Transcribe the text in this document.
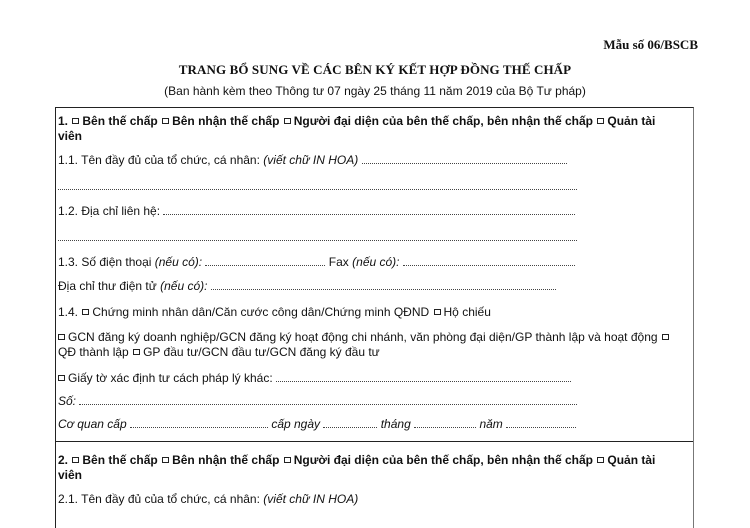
Mẫu số 06/BSCB
TRANG BỔ SUNG VỀ CÁC BÊN KÝ KẾT HỢP ĐỒNG THẾ CHẤP
(Ban hành kèm theo Thông tư 07 ngày 25 tháng 11 năm 2019 của Bộ Tư pháp)
1. Bên thế chấp Bên nhận thế chấp Người đại diện của bên thế chấp, bên nhận thế chấp Quản tài
viên
1.1. Tên đầy đủ của tổ chức, cá nhân: (viết chữ IN HOA)
1.2. Địa chỉ liên hệ:
1.3. Số điện thoại (nếu có):	Fax (nếu có):
Địa chỉ thư điện tử (nếu có):
1.4. Chứng minh nhân dân/Căn cước công dân/Chứng minh QĐND Hộ chiếu
GCN đăng ký doanh nghiệp/GCN đăng ký hoạt động chi nhánh, văn phòng đại diện/GP thành lập và hoạt động
QĐ thành lập GP đầu tư/GCN đầu tư/GCN đăng ký đầu tư
Giấy tờ xác định tư cách pháp lý khác:
Số:
Cơ quan cấp	cấp ngày	tháng	năm
2. Bên thế chấp Bên nhận thế chấp Người đại diện của bên thế chấp, bên nhận thế chấp Quản tài
viên
2.1. Tên đầy đủ của tổ chức, cá nhân: (viết chữ IN HOA)
